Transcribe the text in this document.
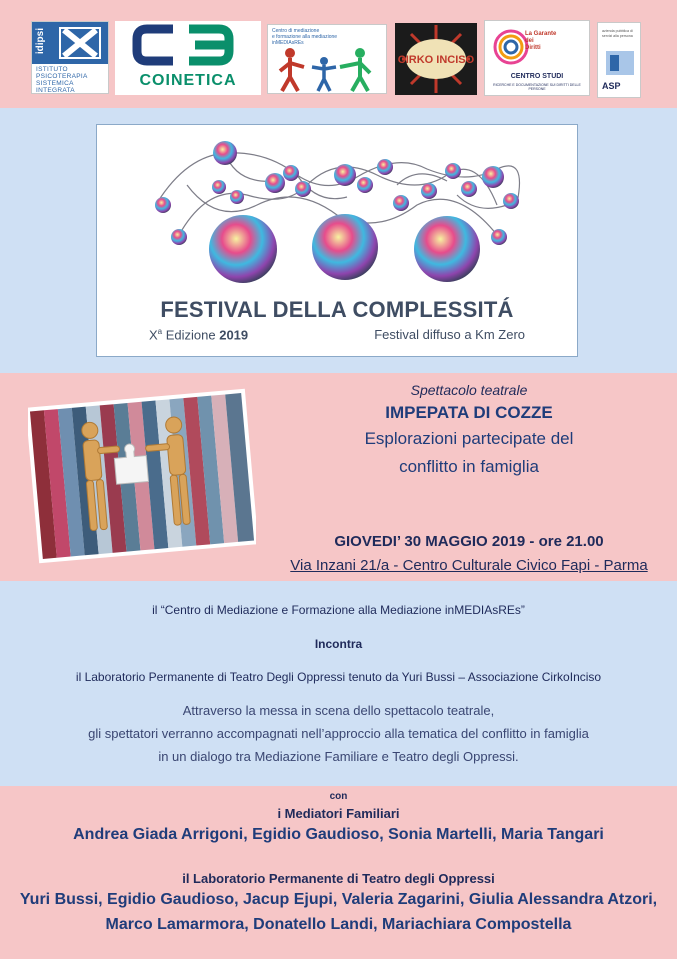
idipsi
ISTITUTO
PSICOTERAPIA
SISTEMICA
INTEGRATA
COINETICA
Centro di mediazione
e formazione alla mediazione
inMEDIAsREs
CIRKO INCISO
La Garante
dei
Diritti
CENTRO STUDI
RICERCHE E DOCUMENTAZIONE SUI DIRITTI DELLE PERSONE
azienda pubblica di servizi alla persona
ASP
FESTIVAL DELLA COMPLESSITÁ
$X^a$ Edizione 2019	Festival diffuso a Km Zero
Spettacolo teatrale
IMPEPATA DI COZZE
Esplorazioni partecipate del
conflitto in famiglia
GIOVEDI’ 30 MAGGIO 2019 - ore 21.00
Via Inzani 21/a - Centro Culturale Civico Fapi - Parma
il “Centro di Mediazione e Formazione alla Mediazione inMEDIAsREs”
Incontra
il Laboratorio Permanente di Teatro Degli Oppressi tenuto da Yuri Bussi – Associazione CirkoInciso
Attraverso la messa in scena dello spettacolo teatrale,
gli spettatori verranno accompagnati nell’approccio alla tematica del conflitto in famiglia
in un dialogo tra Mediazione Familiare e Teatro degli Oppressi.
con
i Mediatori Familiari
Andrea Giada Arrigoni, Egidio Gaudioso, Sonia Martelli, Maria Tangari
il Laboratorio Permanente di Teatro degli Oppressi
Yuri Bussi, Egidio Gaudioso, Jacup Ejupi, Valeria Zagarini, Giulia Alessandra Atzori,
Marco Lamarmora, Donatello Landi, Mariachiara Compostella
